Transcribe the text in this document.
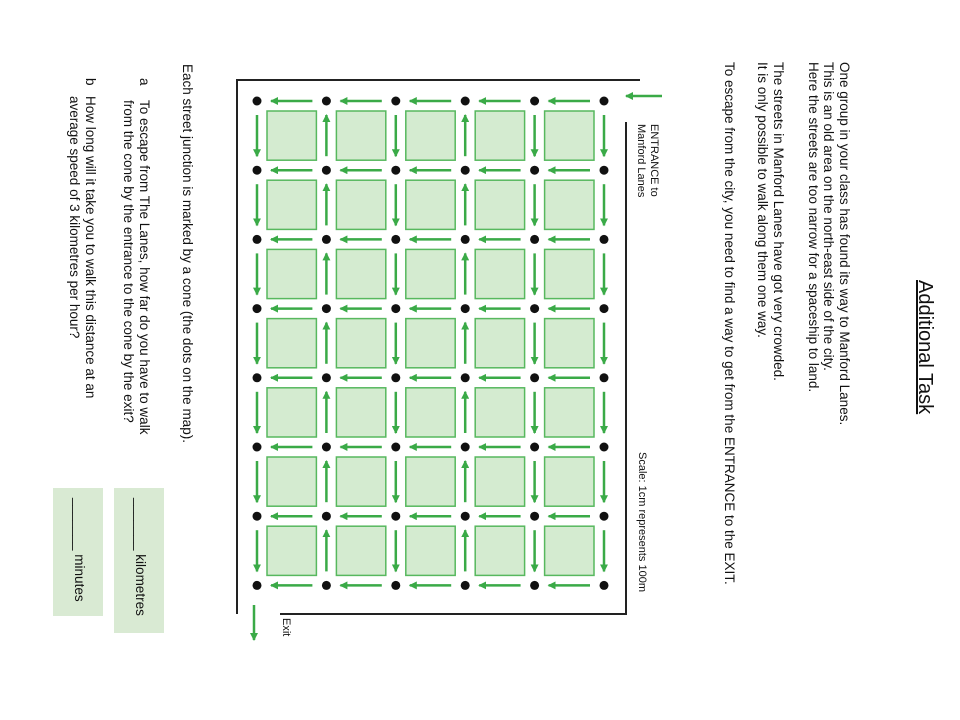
Additional Task
One group in your class has found its way to Manford Lanes.
This is an old area on the north-east side of the city.
Here the streets are too narrow for a spaceship to land.
The streets in Manford Lanes have got very crowded.
It is only possible to walk along them one way.
To escape from the city, you need to find a way to get from the ENTRANCE to the EXIT.
ENTRANCE to
Manford Lanes
Scale: 1cm represents 100m
Exit
Each street junction is marked by a cone (the dots on the map).
a
To escape from The Lanes, how far do you have to walk
from the cone by the entrance to the cone by the exit?
b
How long will it take you to walk this distance at an
average speed of 3 kilometres per hour?
_______ kilometres
_______ minutes
